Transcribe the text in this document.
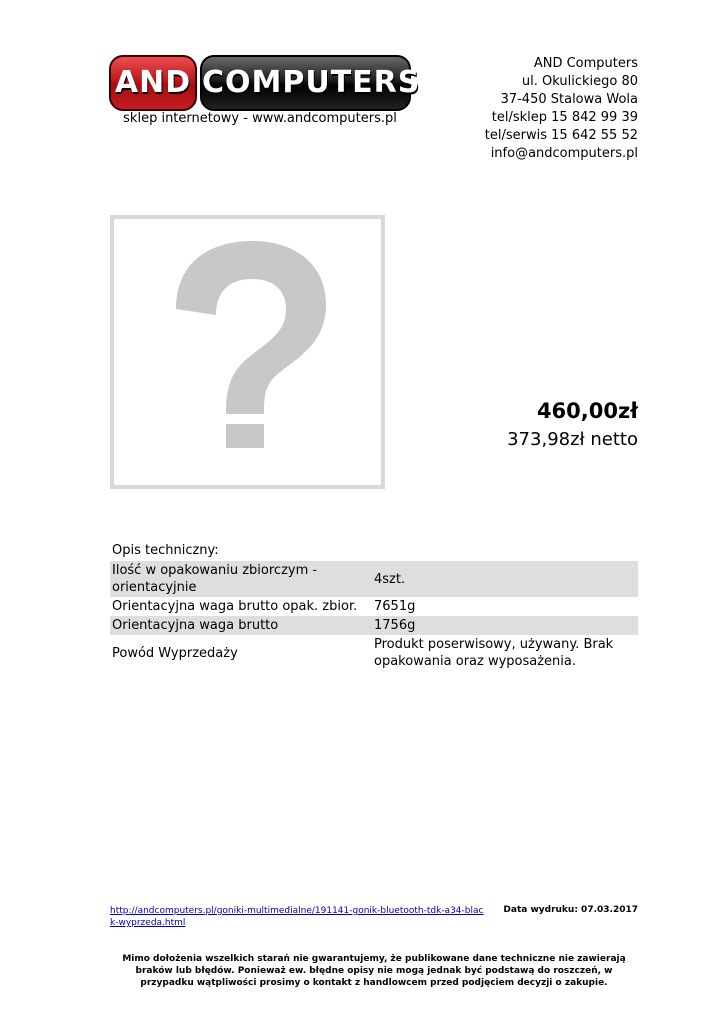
AND COMPUTERS
sklep internetowy - www.andcomputers.pl
AND Computers
ul. Okulickiego 80
37-450 Stalowa Wola
tel/sklep 15 842 99 39
tel/serwis 15 642 55 52
info@andcomputers.pl
460,00zł
373,98zł netto
Opis techniczny:
Ilość w opakowaniu zbiorczym - orientacyjnie	4szt.
Orientacyjna waga brutto opak. zbior.	7651g
Orientacyjna waga brutto	1756g
Powód Wyprzedaży	Produkt poserwisowy, używany. Brak opakowania oraz wyposażenia.
http://andcomputers.pl/goniki-multimedialne/191141-gonik-bluetooth-tdk-a34-black-wyprzeda.html
Data wydruku: 07.03.2017
Mimo dołożenia wszelkich starań nie gwarantujemy, że publikowane dane techniczne nie zawierają braków lub błędów. Ponieważ ew. błędne opisy nie mogą jednak być podstawą do roszczeń, w przypadku wątpliwości prosimy o kontakt z handlowcem przed podjęciem decyzji o zakupie.
